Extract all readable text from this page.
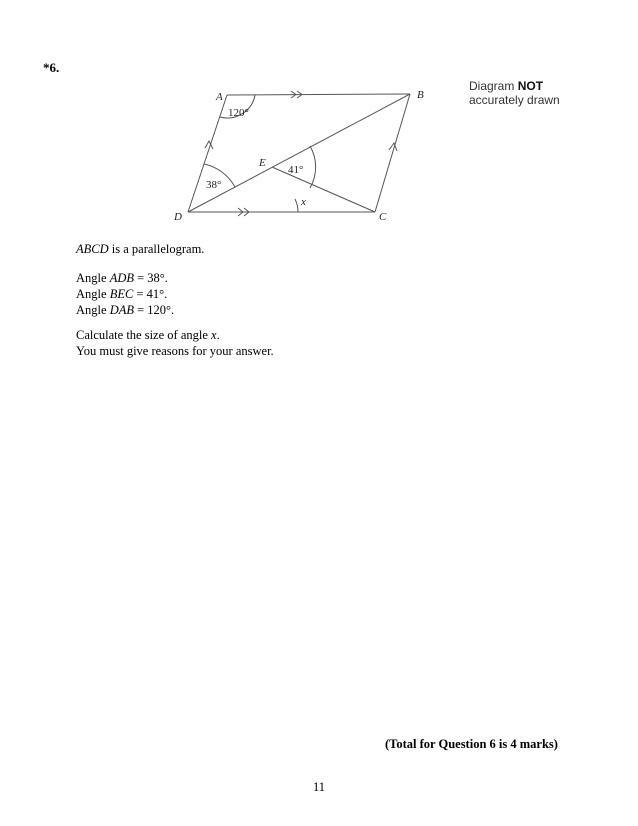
*6.
A	B
C
D
E
120°
38°
41°
x
Diagram NOT
accurately drawn

ABCD is a parallelogram.

Angle ADB = 38°.

Angle BEC = 41°.

Angle DAB = 120°.

Calculate the size of angle x.

You must give reasons for your answer.

(Total for Question 6 is 4 marks)
11
